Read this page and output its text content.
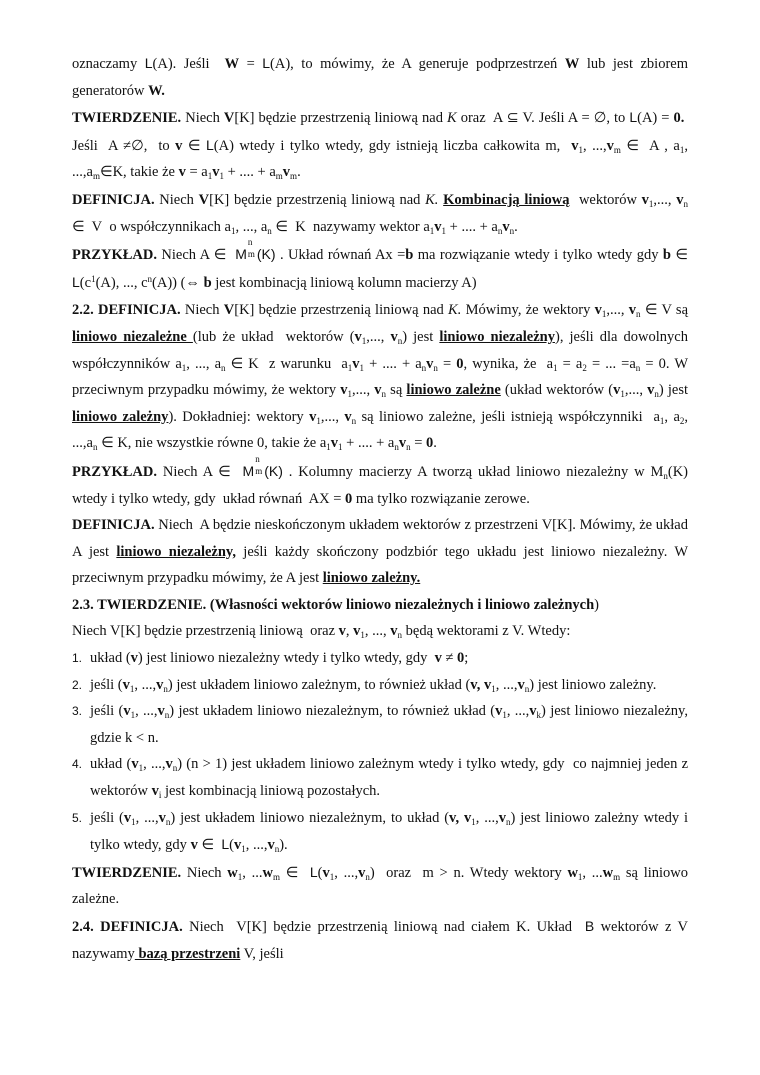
oznaczamy L(A). Jeśli  W = L(A), to mówimy, że A generuje podprzestrzeń W lub jest zbiorem generatorów W.

TWIERDZENIE. Niech V[K] będzie przestrzenią liniową nad K oraz  A ⊆ V. Jeśli A = ∅, to L(A) = 0.  Jeśli  A ≠∅,  to v ∈ L(A) wtedy i tylko wtedy, gdy istnieją liczba całkowita m,  $v_1$, $...,v_m$ ∈  A , $a_1$, $...,a_m\in K$, takie że $v = a_1v_1$ + .... + $a_mv_m$.

DEFINICJA. Niech V[K] będzie przestrzenią liniową nad K. Kombinacją liniową  wektorów $v_1$,..., $v_n$ ∈  V  o współczynnikach $a_1$, ..., $a_n$ ∈  K  nazywamy wektor $a_1v_1$ + .... + $a_nv_n$.

PRZYKŁAD. Niech A ∈  M
n
m (K) . Układ równań Ax =b ma rozwiązanie wtedy i tylko wtedy gdy b ∈ $L(c^1(A)$, ..., $c^n(A)$) (⇔ b jest kombinacją liniową kolumn macierzy A)

2.2. DEFINICJA. Niech V[K] będzie przestrzenią liniową nad K. Mówimy, że wektory $v_1$,..., $v_n$ ∈ V są liniowo niezależne (lub że układ  wektorów ($v_1$,..., $v_n$) jest liniowo niezależny), jeśli dla dowolnych współczynników $a_1$, ..., $a_n$ ∈ K  z warunku  $a_1v_1$ + .... + $a_nv_n = 0$, wynika, że  $a_1 = a_2$ = ... $=a_n = 0$. W przeciwnym przypadku mówimy, że wektory $v_1$,..., $v_n$ są liniowo zależne (układ wektorów ($v_1$,..., $v_n$) jest liniowo zależny). Dokładniej: wektory $v_1$,..., $v_n$ są liniowo zależne, jeśli istnieją współczynniki  $a_1$, $a_2$, $...,a_n$ ∈ K, nie wszystkie równe 0, takie że $a_1v_1$ + .... + $a_nv_n = 0$.

PRZYKŁAD. Niech A ∈  M
n
m (K) . Kolumny macierzy A tworzą układ liniowo niezależny w $M_n(K)$ wtedy i tylko wtedy, gdy  układ równań  AX = 0 ma tylko rozwiązanie zerowe.

DEFINICJA. Niech  A będzie nieskończonym układem wektorów z przestrzeni V[K]. Mówimy, że układ A jest liniowo niezależny, jeśli każdy skończony podzbiór tego układu jest liniowo niezależny. W przeciwnym przypadku mówimy, że A jest liniowo zależny.

2.3. TWIERDZENIE. (Własności wektorów liniowo niezależnych i liniowo zależnych)

Niech V[K] będzie przestrzenią liniową  oraz v, $v_1$, ..., $v_n$ będą wektorami z V. Wtedy:

1. układ (v) jest liniowo niezależny wtedy i tylko wtedy, gdy  v ≠ 0;
2. jeśli ($v_1$, $...,v_n$) jest układem liniowo zależnym, to również układ (v, $v_1$, $...,v_n$) jest liniowo zależny.
3. jeśli ($v_1$, $...,v_n$) jest układem liniowo niezależnym, to również układ ($v_1$, $...,v_k$) jest liniowo niezależny, gdzie k < n.
4. układ ($v_1$, $...,v_n$) (n > 1) jest układem liniowo zależnym wtedy i tylko wtedy, gdy  co najmniej jeden z wektorów $v_i$ jest kombinacją liniową pozostałych.
5. jeśli ($v_1$, $...,v_n$) jest układem liniowo niezależnym, to układ (v, $v_1$, $...,v_n$) jest liniowo zależny wtedy i tylko wtedy, gdy v ∈  $L(v_1$, $...,v_n$).

TWIERDZENIE. Niech $w_1$, $...w_m$ ∈  $L(v_1$, $...,v_n$)  oraz  m > n. Wtedy wektory $w_1$, $...w_m$ są liniowo zależne.

2.4. DEFINICJA. Niech  V[K] będzie przestrzenią liniową nad ciałem K. Układ  B wektorów z V nazywamy bazą przestrzeni V, jeśli
